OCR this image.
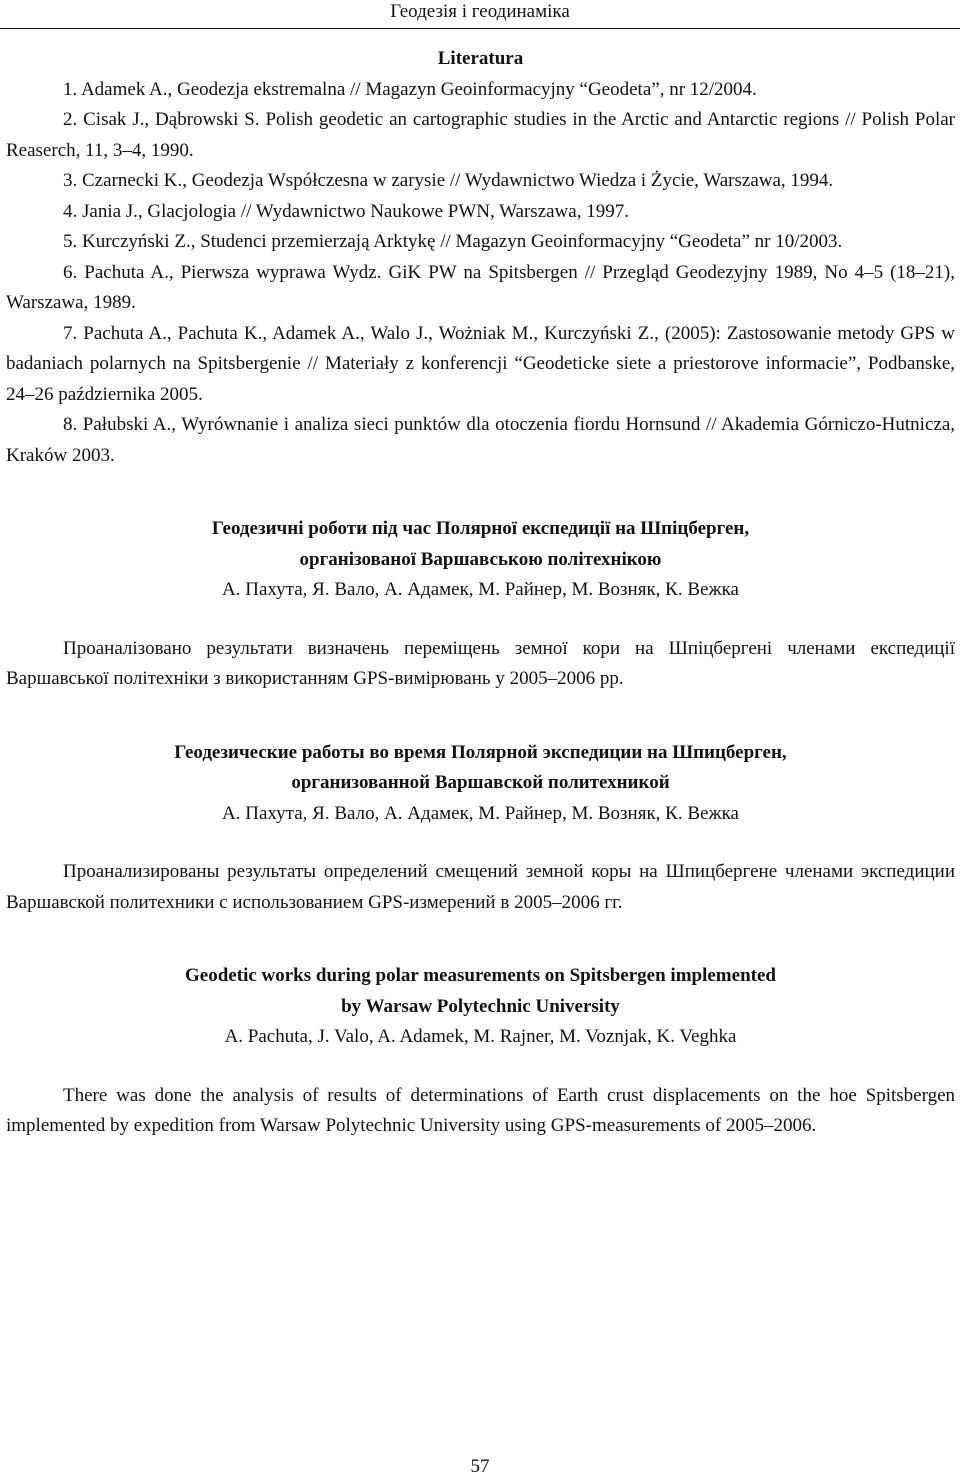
Геодезія і геодинаміка
Literatura

1. Adamek A., Geodezja ekstremalna // Magazyn Geoinformacyjny “Geodeta”, nr 12/2004.

2. Cisak J., Dąbrowski S. Polish geodetic an cartographic studies in the Arctic and Antarctic regions // Polish Polar Reaserch, 11, 3–4, 1990.

3. Czarnecki K., Geodezja Współczesna w zarysie // Wydawnictwo Wiedza i Życie, Warszawa, 1994.

4. Jania J., Glacjologia // Wydawnictwo Naukowe PWN, Warszawa, 1997.

5. Kurczyński Z., Studenci przemierzają Arktykę // Magazyn Geoinformacyjny “Geodeta” nr 10/2003.

6. Pachuta A., Pierwsza wyprawa Wydz. GiK PW na Spitsbergen // Przegląd Geodezyjny 1989, No 4–5 (18–21), Warszawa, 1989.

7. Pachuta A., Pachuta K., Adamek A., Walo J., Wożniak M., Kurczyński Z., (2005): Zastosowanie metody GPS w badaniach polarnych na Spitsbergenie // Materiały z konferencji “Geodeticke siete a priestorove informacie”, Podbanske, 24–26 października 2005.

8. Pałubski A., Wyrównanie i analiza sieci punktów dla otoczenia fiordu Hornsund // Akademia Górniczo-Hutnicza, Kraków 2003.

Геодезичні роботи під час Полярної експедиції на Шпіцберген,

організованої Варшавською політехнікою

А. Пахута, Я. Вало, А. Адамек, М. Райнер, М. Возняк, К. Вежка

Проаналізовано результати визначень переміщень земної кори на Шпіцбергені членами експедиції Варшавської політехніки з використанням GPS-вимірювань у 2005–2006 рр.

Геодезические работы во время Полярной экспедиции на Шпицберген,

организованной Варшавской политехникой

А. Пахута, Я. Вало, А. Адамек, М. Райнер, М. Возняк, К. Вежка

Проанализированы результаты определений смещений земной коры на Шпицбергене членами экспедиции Варшавской политехники с использованием GPS-измерений в 2005–2006 гг.

Geodetic works during polar measurements on Spitsbergen implemented

by Warsaw Polytechnic University

A. Pachuta, J. Valo, A. Adamek, M. Rajner, M. Voznjak, K. Veghka

There was done the analysis of results of determinations of Earth crust displacements on the hoe Spitsbergen implemented by expedition from Warsaw Polytechnic University using GPS-measurements of 2005–2006.

57
